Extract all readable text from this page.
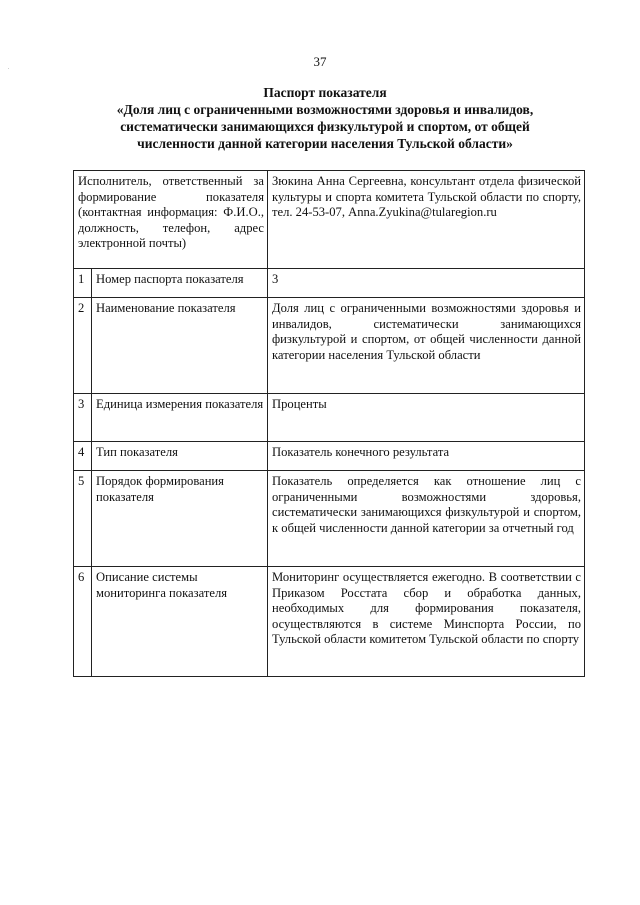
37
Паспорт показателя
«Доля лиц с ограниченными возможностями здоровья и инвалидов,
систематически занимающихся физкультурой и спортом, от общей
численности данной категории населения Тульской области»
Исполнитель, ответственный за формирование показателя (контактная информация: Ф.И.О., должность, телефон, адрес электронной почты)		Зюкина Анна Сергеевна, консультант отдела физической культуры и спорта комитета Тульской области по спорту, тел. 24-53-07, Anna.Zyukina@tularegion.ru
1	Номер паспорта показателя	3
2	Наименование показателя	Доля лиц с ограниченными возможностями здоровья и инвалидов, систематически занимающихся физкультурой и спортом, от общей численности данной категории населения Тульской области
3	Единица измерения показателя	Проценты
4	Тип показателя	Показатель конечного результата
5	Порядок формирования показателя	Показатель определяется как отношение лиц с ограниченными возможностями здоровья, систематически занимающихся физкультурой и спортом, к общей численности данной категории за отчетный год
6	Описание системы мониторинга показателя	Мониторинг осуществляется ежегодно. В соответствии с Приказом Росстата сбор и обработка данных, необходимых для формирования показателя, осуществляются в системе Минспорта России, по Тульской области комитетом Тульской области по спорту
